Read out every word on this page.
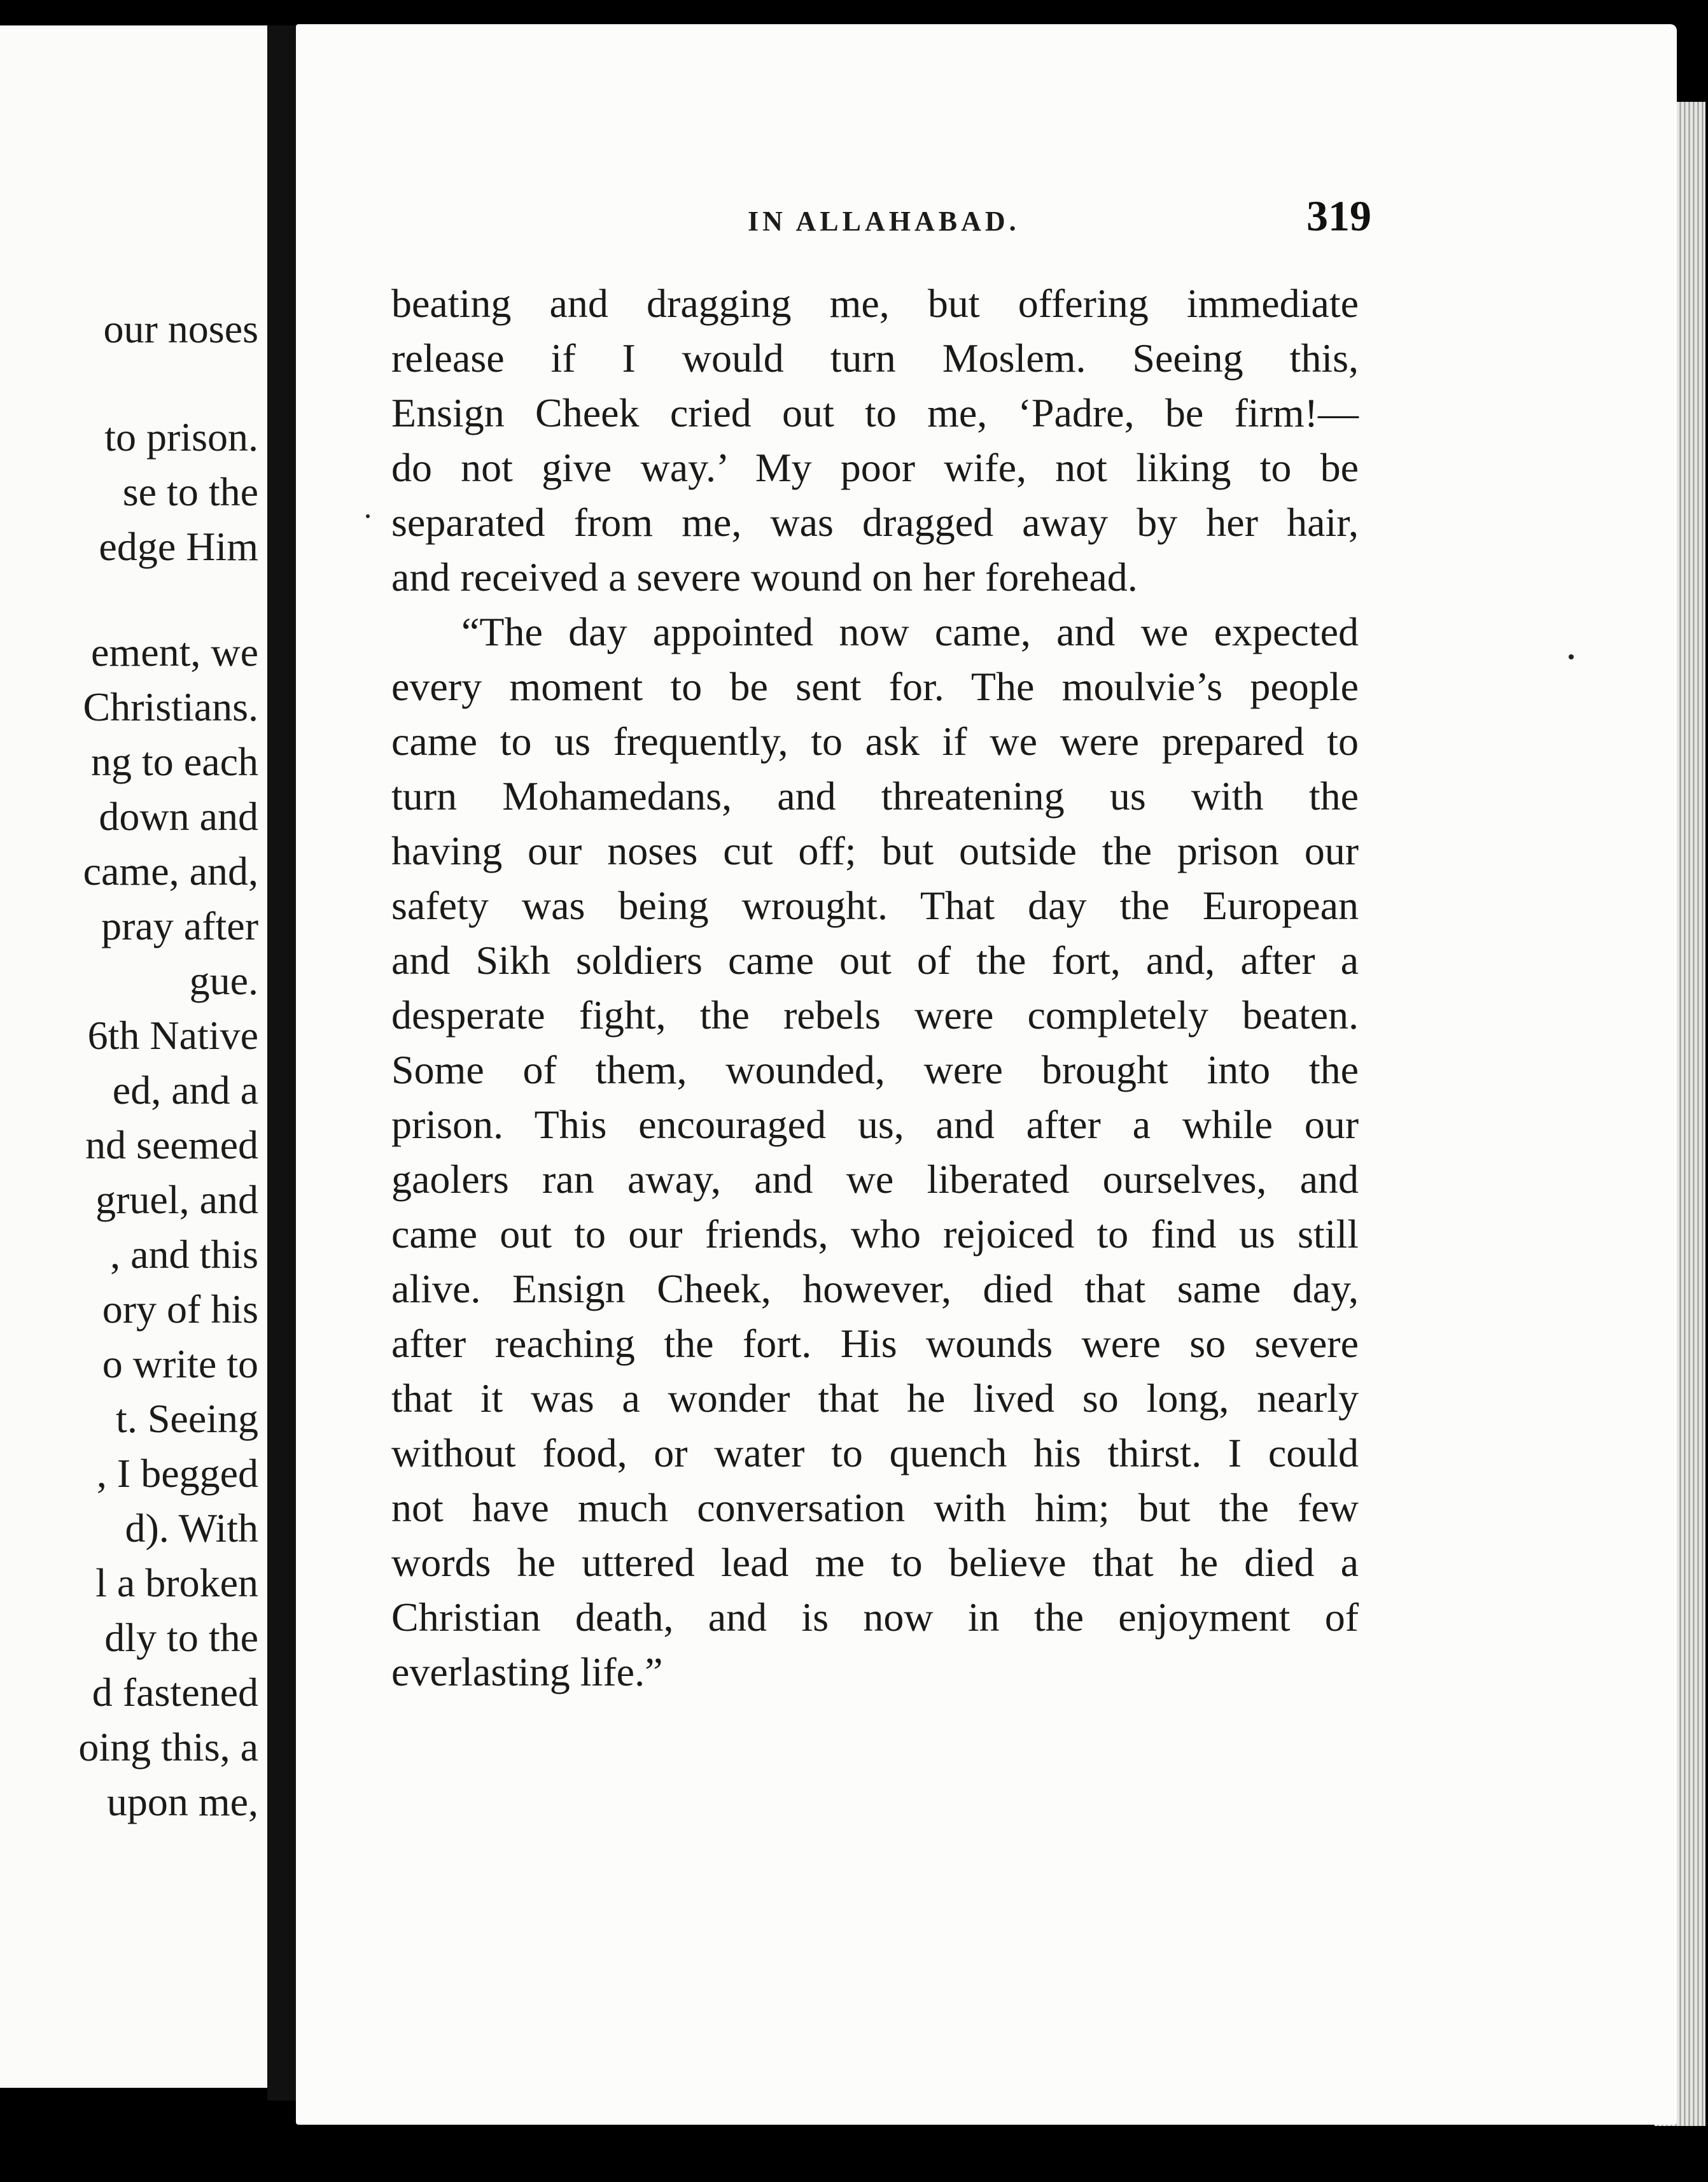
our noses
to prison.
se to the
edge Him
ement, we
Christians.
ng to each
down and
came, and,
pray after
gue.
6th Native
ed, and a
nd seemed
gruel, and
, and this
ory of his
o write to
t. Seeing
, I begged
d). With
l a broken
dly to the
d fastened
oing this, a
upon me,
IN ALLAHABAD.	319
beating and dragging me, but offering immediate
release if I would turn Moslem. Seeing this,
Ensign Cheek cried out to me, ‘Padre, be firm!—
do not give way.’ My poor wife, not liking to be
separated from me, was dragged away by her hair,
and received a severe wound on her forehead.
“The day appointed now came, and we expected
every moment to be sent for. The moulvie’s people
came to us frequently, to ask if we were prepared to
turn Mohamedans, and threatening us with the
having our noses cut off; but outside the prison our
safety was being wrought. That day the European
and Sikh soldiers came out of the fort, and, after a
desperate fight, the rebels were completely beaten.
Some of them, wounded, were brought into the
prison. This encouraged us, and after a while our
gaolers ran away, and we liberated ourselves, and
came out to our friends, who rejoiced to find us still
alive. Ensign Cheek, however, died that same day,
after reaching the fort. His wounds were so severe
that it was a wonder that he lived so long, nearly
without food, or water to quench his thirst. I could
not have much conversation with him; but the few
words he uttered lead me to believe that he died a
Christian death, and is now in the enjoyment of
everlasting life.”
